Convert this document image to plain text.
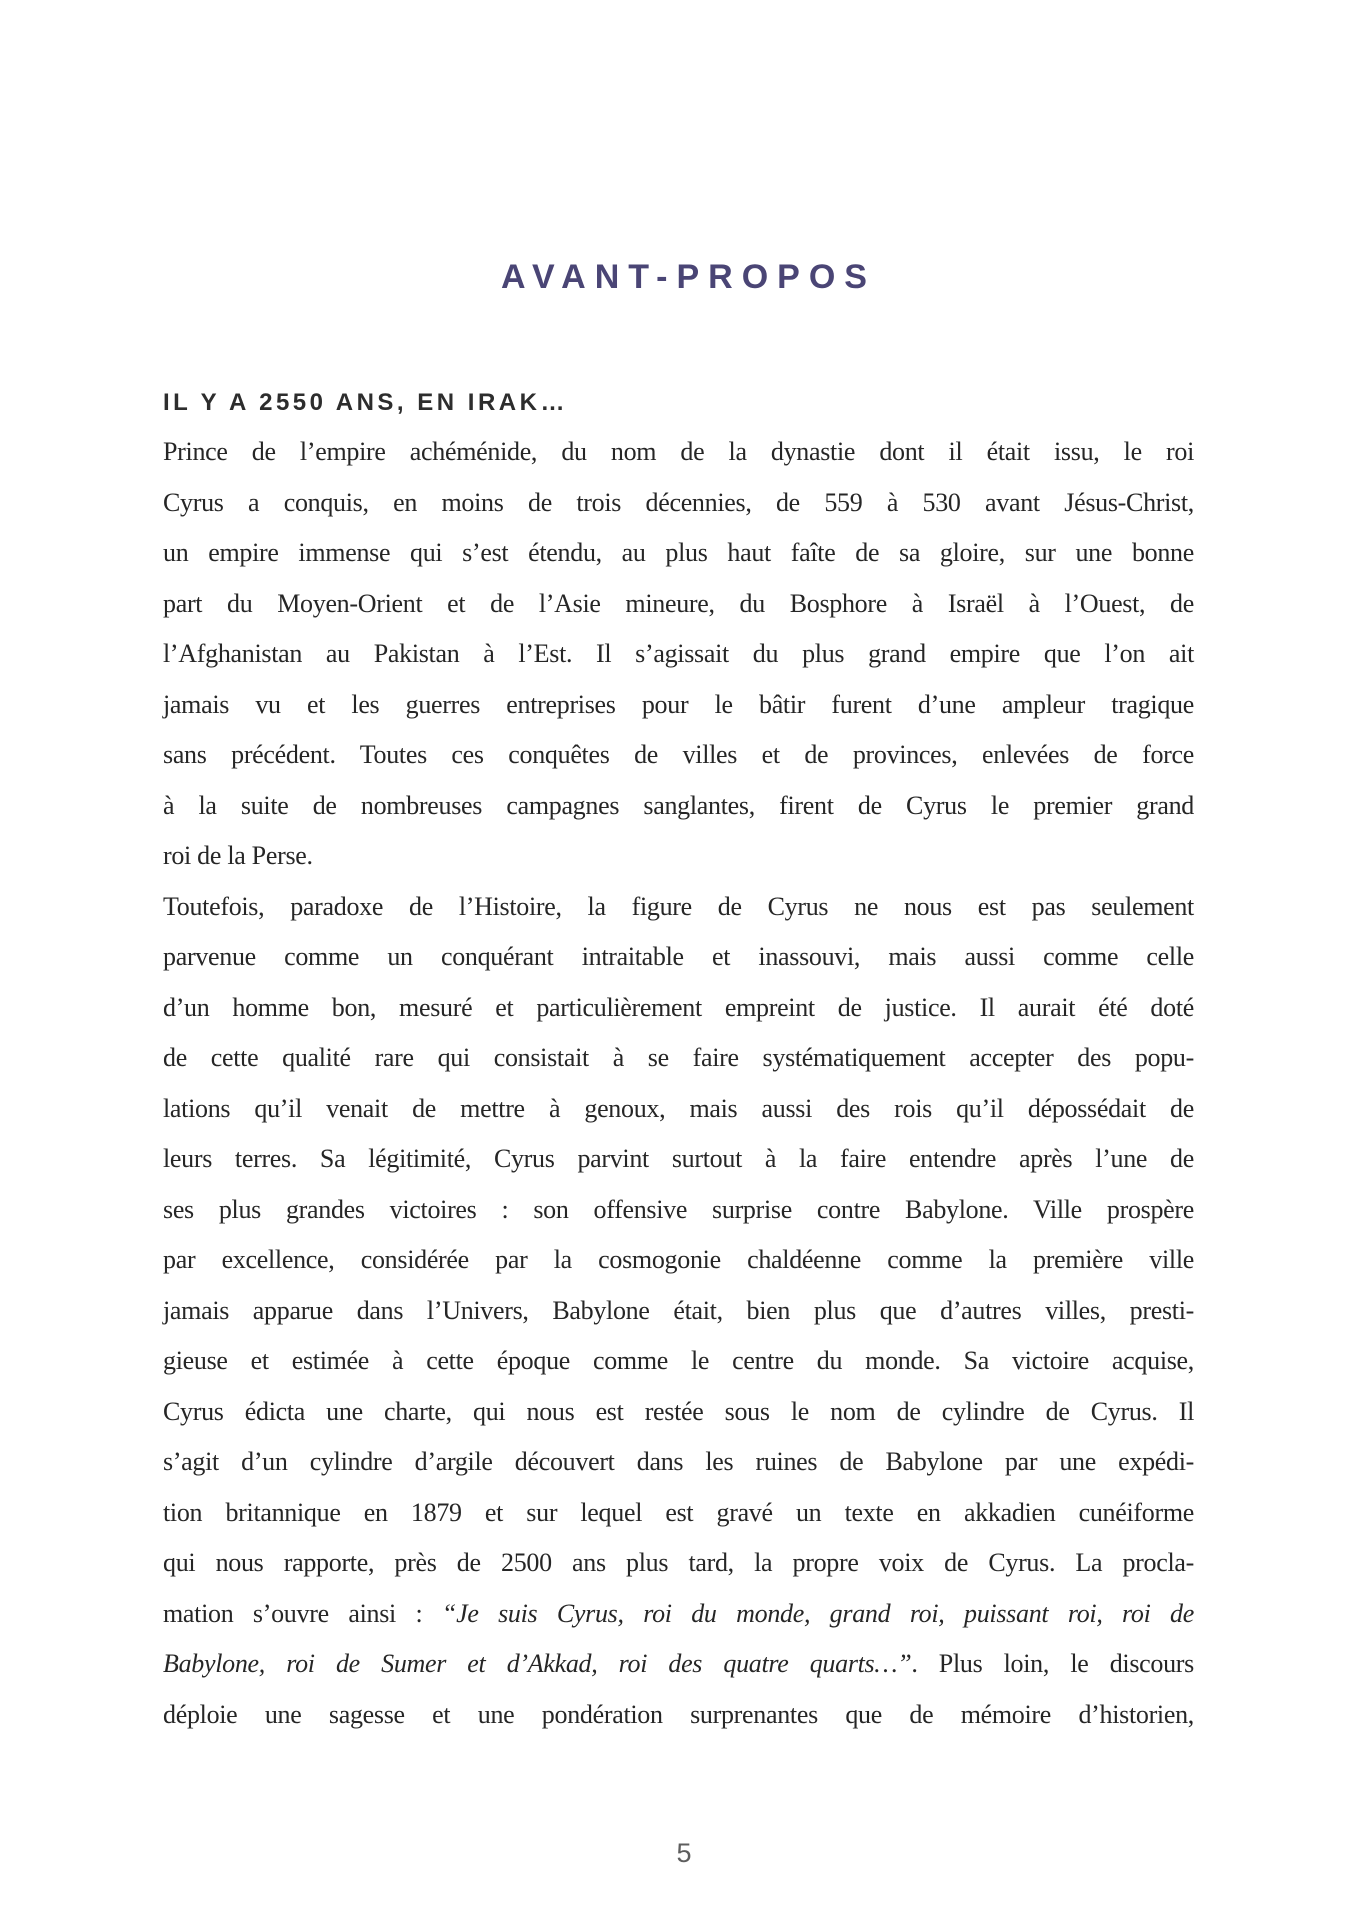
AVANT-PROPOS
IL Y A 2550 ANS, EN IRAK…
Prince de l’empire achéménide, du nom de la dynastie dont il était issu, le roi
Cyrus a conquis, en moins de trois décennies, de 559 à 530 avant Jésus-Christ,
un empire immense qui s’est étendu, au plus haut faîte de sa gloire, sur une bonne
part du Moyen-Orient et de l’Asie mineure, du Bosphore à Israël à l’Ouest, de
l’Afghanistan au Pakistan à l’Est. Il s’agissait du plus grand empire que l’on ait
jamais vu et les guerres entreprises pour le bâtir furent d’une ampleur tragique
sans précédent. Toutes ces conquêtes de villes et de provinces, enlevées de force
à la suite de nombreuses campagnes sanglantes, firent de Cyrus le premier grand
roi de la Perse.
Toutefois, paradoxe de l’Histoire, la figure de Cyrus ne nous est pas seulement
parvenue comme un conquérant intraitable et inassouvi, mais aussi comme celle
d’un homme bon, mesuré et particulièrement empreint de justice. Il aurait été doté
de cette qualité rare qui consistait à se faire systématiquement accepter des popu-
lations qu’il venait de mettre à genoux, mais aussi des rois qu’il dépossédait de
leurs terres. Sa légitimité, Cyrus parvint surtout à la faire entendre après l’une de
ses plus grandes victoires : son offensive surprise contre Babylone. Ville prospère
par excellence, considérée par la cosmogonie chaldéenne comme la première ville
jamais apparue dans l’Univers, Babylone était, bien plus que d’autres villes, presti-
gieuse et estimée à cette époque comme le centre du monde. Sa victoire acquise,
Cyrus édicta une charte, qui nous est restée sous le nom de cylindre de Cyrus. Il
s’agit d’un cylindre d’argile découvert dans les ruines de Babylone par une expédi-
tion britannique en 1879 et sur lequel est gravé un texte en akkadien cunéiforme
qui nous rapporte, près de 2500 ans plus tard, la propre voix de Cyrus. La procla-
mation s’ouvre ainsi : “Je suis Cyrus, roi du monde, grand roi, puissant roi, roi de
Babylone, roi de Sumer et d’Akkad, roi des quatre quarts…”. Plus loin, le discours
déploie une sagesse et une pondération surprenantes que de mémoire d’historien,
5
